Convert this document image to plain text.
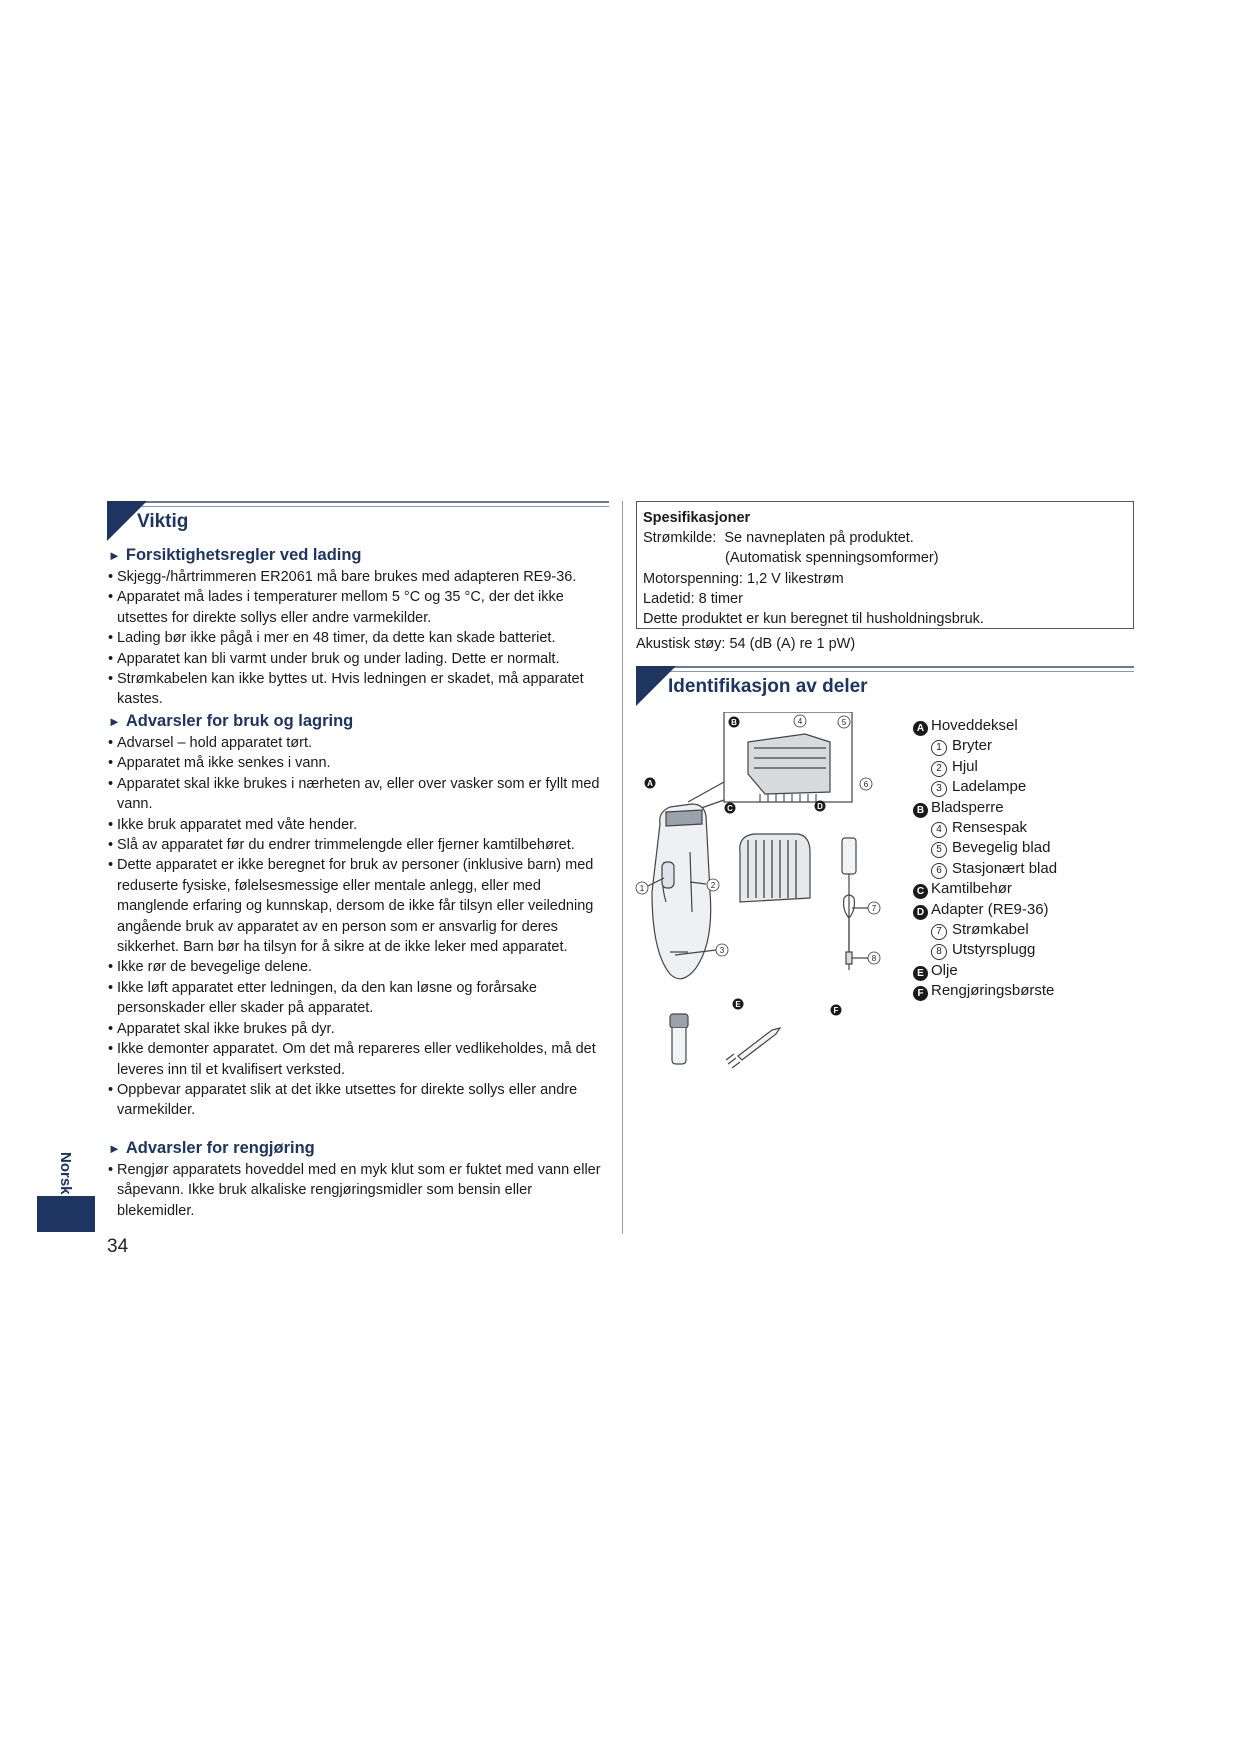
Viktig
► Forsiktighetsregler ved lading
• Skjegg-/hårtrimmeren ER2061 må bare brukes med adapteren RE9-36.
• Apparatet må lades i temperaturer mellom 5 °C og 35 °C, der det ikke utsettes for direkte sollys eller andre varmekilder.
• Lading bør ikke pågå i mer en 48 timer, da dette kan skade batteriet.
• Apparatet kan bli varmt under bruk og under lading. Dette er normalt.
• Strømkabelen kan ikke byttes ut. Hvis ledningen er skadet, må apparatet kastes.
► Advarsler for bruk og lagring
• Advarsel – hold apparatet tørt.
• Apparatet må ikke senkes i vann.
• Apparatet skal ikke brukes i nærheten av, eller over vasker som er fyllt med vann.
• Ikke bruk apparatet med våte hender.
• Slå av apparatet før du endrer trimmelengde eller fjerner kamtilbehøret.
• Dette apparatet er ikke beregnet for bruk av personer (inklusive barn) med reduserte fysiske, følelsesmessige eller mentale anlegg, eller med manglende erfaring og kunnskap, dersom de ikke får tilsyn eller veiledning angående bruk av apparatet av en person som er ansvarlig for deres sikkerhet. Barn bør ha tilsyn for å sikre at de ikke leker med apparatet.
• Ikke rør de bevegelige delene.
• Ikke løft apparatet etter ledningen, da den kan løsne og forårsake personskader eller skader på apparatet.
• Apparatet skal ikke brukes på dyr.
• Ikke demonter apparatet. Om det må repareres eller vedlikeholdes, må det leveres inn til et kvalifisert verksted.
• Oppbevar apparatet slik at det ikke utsettes for direkte sollys eller andre varmekilder.
► Advarsler for rengjøring
• Rengjør apparatets hoveddel med en myk klut som er fuktet med vann eller såpevann. Ikke bruk alkaliske rengjøringsmidler som bensin eller blekemidler.
Spesifikasjoner
Strømkilde: Se navneplaten på produktet.
(Automatisk spenningsomformer)
Motorspenning: 1,2 V likestrøm
Ladetid: 8 timer
Dette produktet er kun beregnet til husholdningsbruk.
Akustisk støy: 54 (dB (A) re 1 pW)
Identifikasjon av deler
B
A
C	D
E
F
4	5
6
1	2
3
7
8
A Hoveddeksel
1 Bryter
2 Hjul
3 Ladelampe
B Bladsperre
4 Rensespak
5 Bevegelig blad
6 Stasjonært blad
C Kamtilbehør
D Adapter (RE9-36)
7 Strømkabel
8 Utstyrsplugg
E Olje
F Rengjøringsbørste
Norsk
34
